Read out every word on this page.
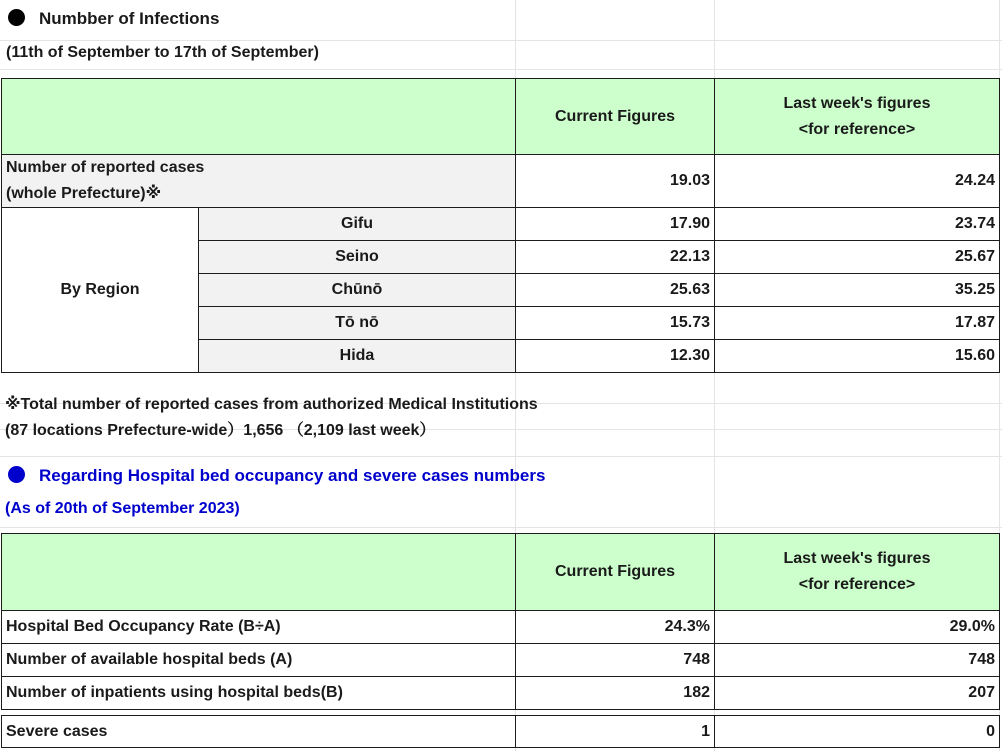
Numbber of Infections
(11th of September to 17th of September)
		Current Figures	Last week's figures
<for reference>

Number of reported cases
(whole Prefecture)※		19.03	24.24
By Region	Gifu	17.90	23.74
	Seino	22.13	25.67
	Chūnō	25.63	35.25
	Tō nō	15.73	17.87
	Hida	12.30	15.60
※Total number of reported cases from authorized Medical Institutions
(87 locations Prefecture-wide）1,656 （2,109 last week）
Regarding Hospital bed occupancy and severe cases numbers
(As of 20th of September 2023)
	Current Figures	Last week's figures
<for reference>

Hospital Bed Occupancy Rate (B÷A)	24.3%	29.0%
Number of available hospital beds (A)	748	748
Number of inpatients using hospital beds(B)	182	207
Severe cases	1	0
